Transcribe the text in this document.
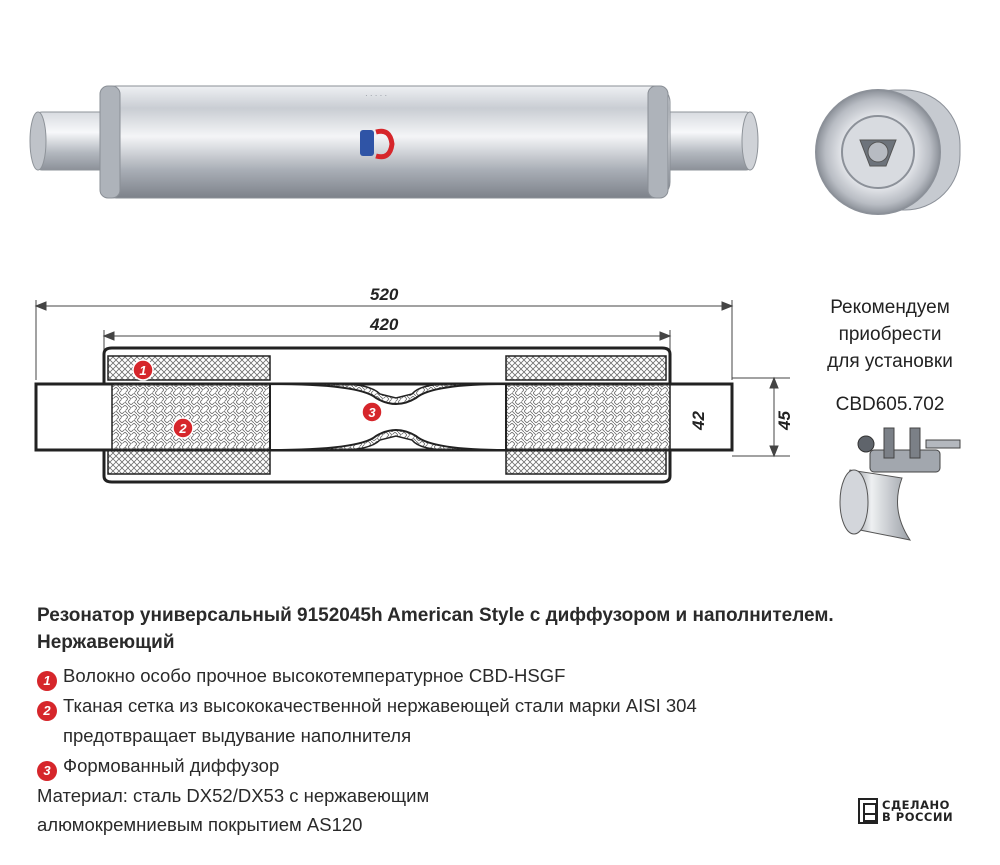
· · · · ·
520
420
42	45
1
2
3
Рекомендуем
приобрести
для установки
CBD605.702
Резонатор универсальный 9152045h American Style с диффузором и наполнителем.
Нержавеющий
1 Волокно особо прочное высокотемпературное CBD-HSGF
2 Тканая сетка из высококачественной нержавеющей стали марки AISI 304
предотвращает выдувание наполнителя
3 Формованный диффузор
Материал: сталь DX52/DX53 с нержавеющим
алюмокремниевым покрытием AS120
СДЕЛАНО
В РОССИИ
